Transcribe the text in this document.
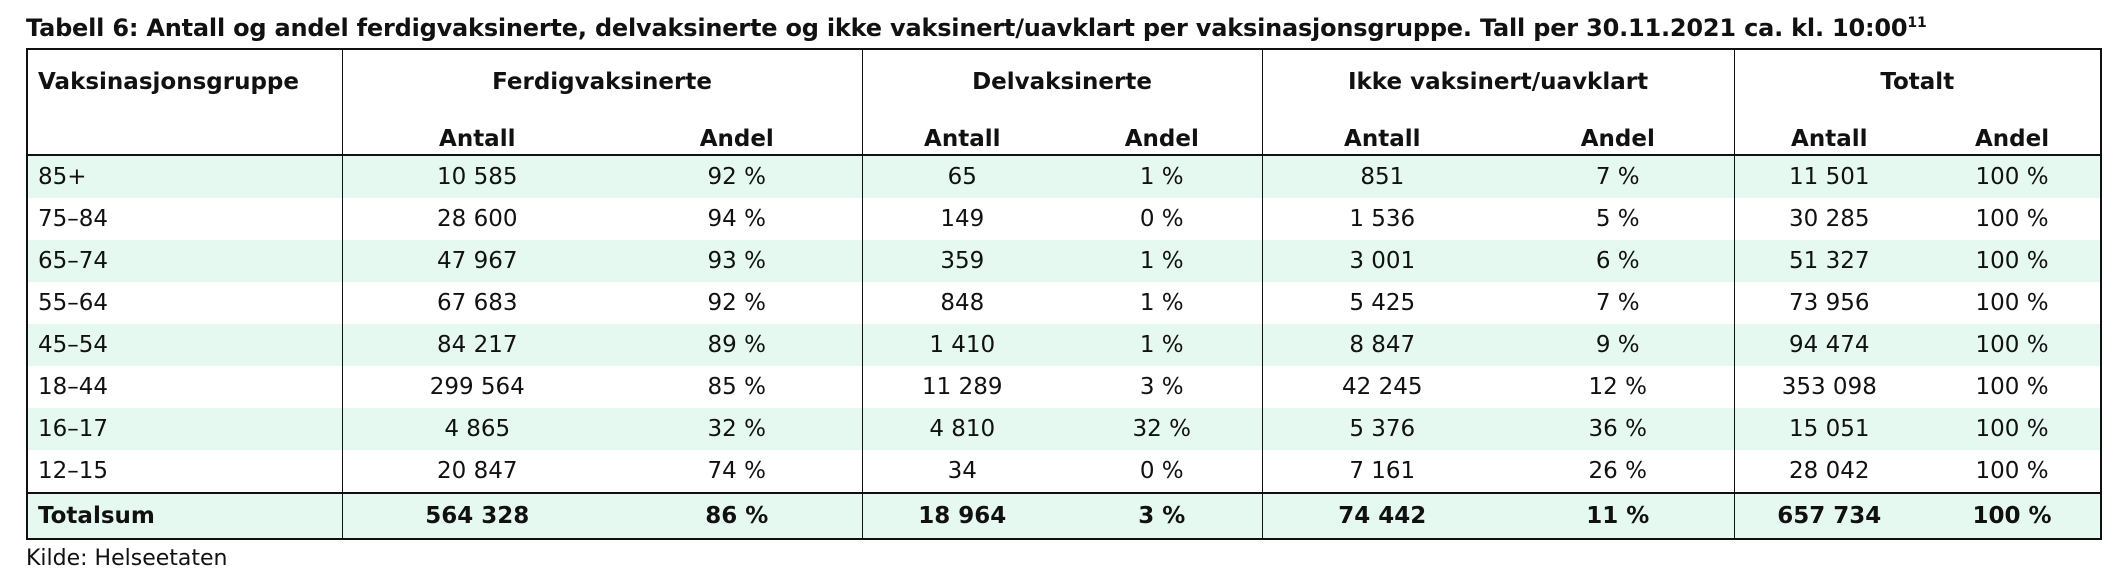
Tabell 6: Antall og andel ferdigvaksinerte, delvaksinerte og ikke vaksinert/uavklart per vaksinasjonsgruppe. Tall per 30.11.2021 ca. kl. $10:00^{11}$
Vaksinasjonsgruppe	Ferdigvaksinerte		Delvaksinerte		Ikke vaksinert/uavklart		Totalt	
	Antall	Andel	Antall	Andel	Antall	Andel	Antall	Andel
85+	10 585	92 %	65	1 %	851	7 %	11 501	100 %
75–84	28 600	94 %	149	0 %	1 536	5 %	30 285	100 %
65–74	47 967	93 %	359	1 %	3 001	6 %	51 327	100 %
55–64	67 683	92 %	848	1 %	5 425	7 %	73 956	100 %
45–54	84 217	89 %	1 410	1 %	8 847	9 %	94 474	100 %
18–44	299 564	85 %	11 289	3 %	42 245	12 %	353 098	100 %
16–17	4 865	32 %	4 810	32 %	5 376	36 %	15 051	100 %
12–15	20 847	74 %	34	0 %	7 161	26 %	28 042	100 %
Totalsum	564 328	86 %	18 964	3 %	74 442	11 %	657 734	100 %
Kilde: Helseetaten
